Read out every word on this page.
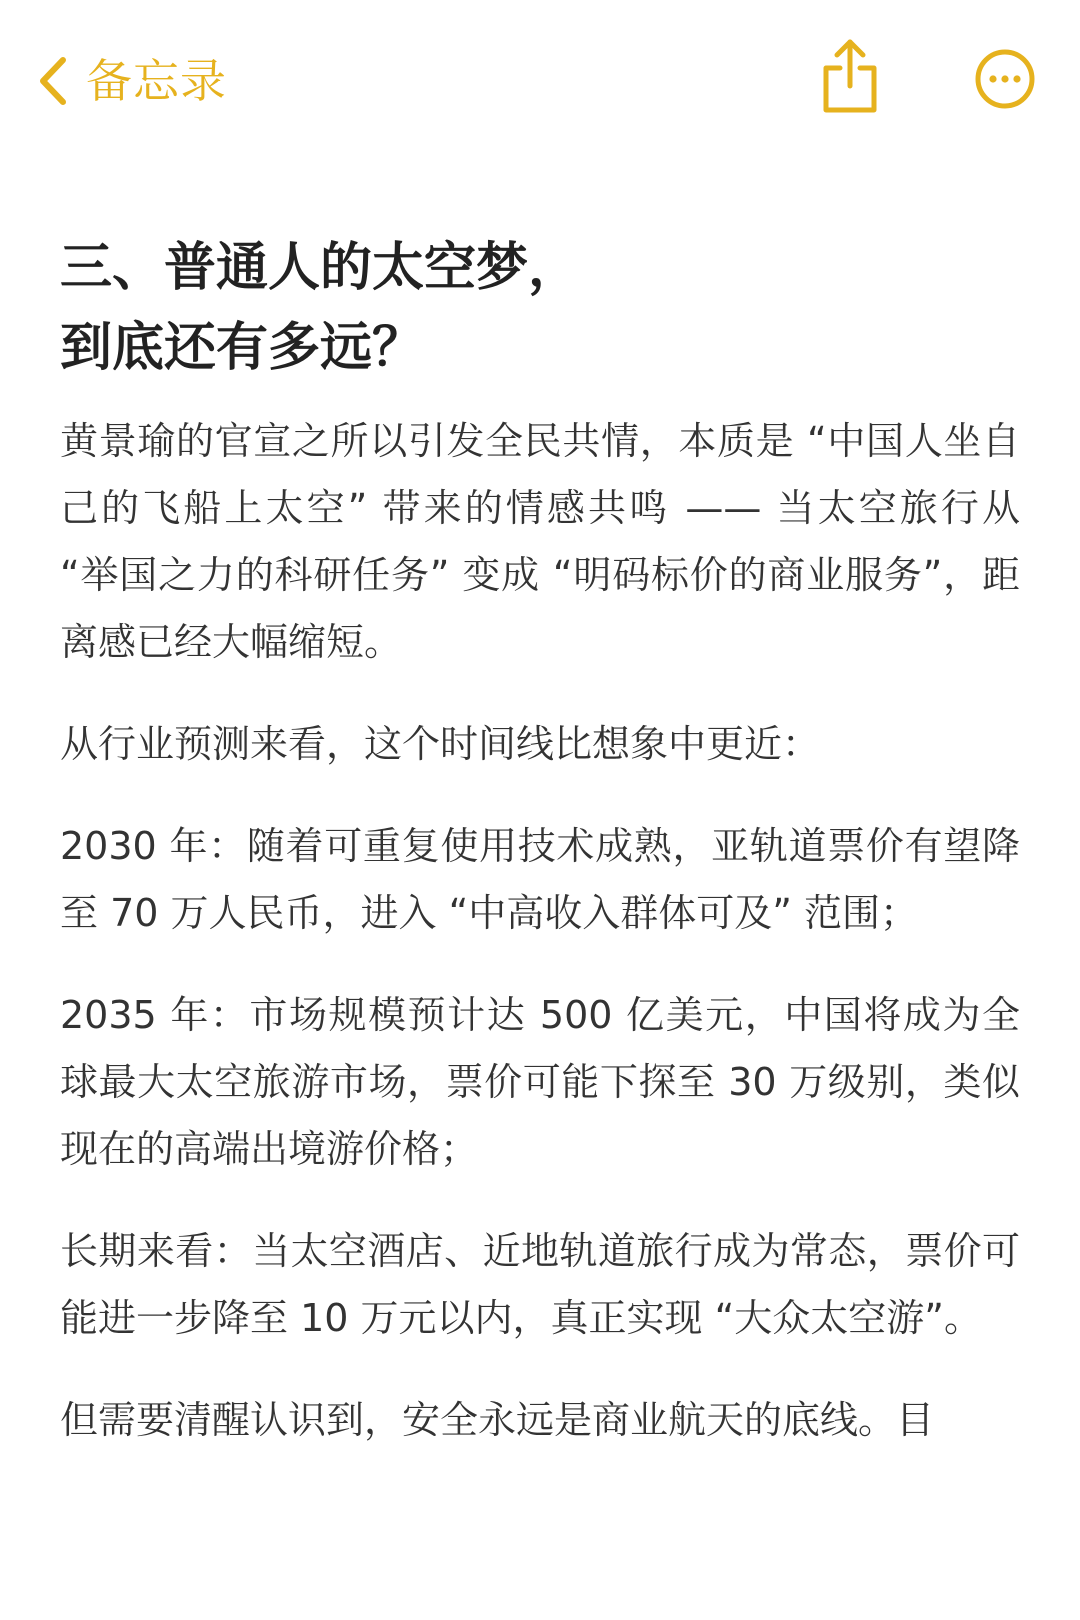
备忘录
三、普通人的太空梦，
到底还有多远？

黄景瑜的官宣之所以引发全民共情，本质是 “中国人坐自己的飞船上太空” 带来的情感共鸣 —— 当太空旅行从 “举国之力的科研任务” 变成 “明码标价的商业服务”，距离感已经大幅缩短。

从行业预测来看，这个时间线比想象中更近：

2030 年：随着可重复使用技术成熟，亚轨道票价有望降至 70 万人民币，进入 “中高收入群体可及” 范围；

2035 年：市场规模预计达 500 亿美元，中国将成为全球最大太空旅游市场，票价可能下探至 30 万级别，类似现在的高端出境游价格；

长期来看：当太空酒店、近地轨道旅行成为常态，票价可能进一步降至 10 万元以内，真正实现 “大众太空游”。

但需要清醒认识到，安全永远是商业航天的底线。目
